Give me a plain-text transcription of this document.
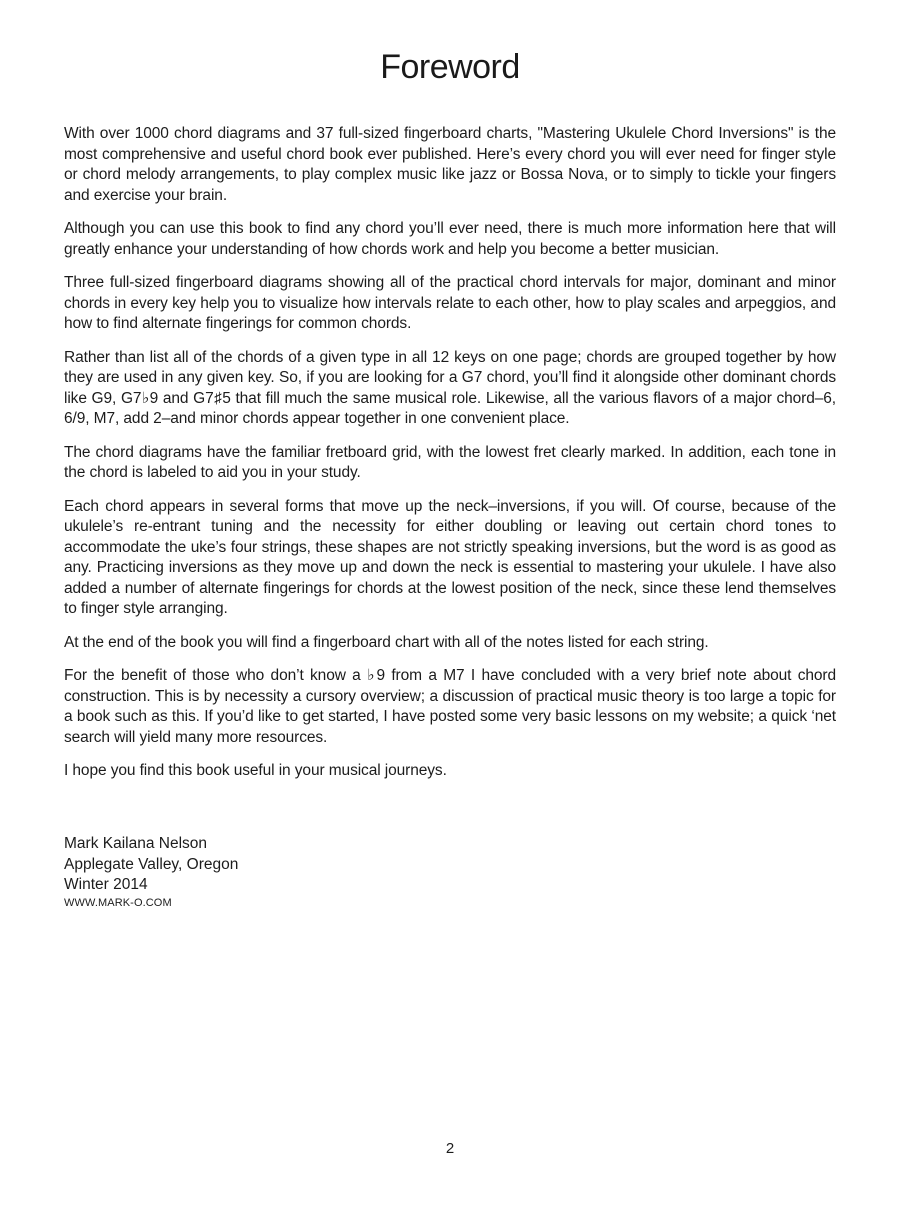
Foreword

With over 1000 chord diagrams and 37 full-sized fingerboard charts, "Mastering Ukulele Chord Inversions" is the most comprehensive and useful chord book ever published. Here’s every chord you will ever need for finger style or chord melody arrangements, to play complex music like jazz or Bossa Nova, or to simply to tickle your fingers and exercise your brain.

Although you can use this book to find any chord you’ll ever need, there is much more information here that will greatly enhance your understanding of how chords work and help you become a better musician.

Three full-sized fingerboard diagrams showing all of the practical chord intervals for major, dominant and minor chords in every key help you to visualize how intervals relate to each other, how to play scales and arpeggios, and how to find alternate fingerings for common chords.

Rather than list all of the chords of a given type in all 12 keys on one page; chords are grouped together by how they are used in any given key. So, if you are looking for a G7 chord, you’ll find it alongside other dominant chords like G9, G7♭9 and G7♯5 that fill much the same musical role. Likewise, all the various flavors of a major chord–6, 6/9, M7, add 2–and minor chords appear together in one convenient place.

The chord diagrams have the familiar fretboard grid, with the lowest fret clearly marked. In addition, each tone in the chord is labeled to aid you in your study.

Each chord appears in several forms that move up the neck–inversions, if you will. Of course, because of the ukulele’s re-entrant tuning and the necessity for either doubling or leaving out certain chord tones to accommodate the uke’s four strings, these shapes are not strictly speaking inversions, but the word is as good as any. Practicing inversions as they move up and down the neck is essential to mastering your ukulele. I have also added a number of alternate fingerings for chords at the lowest position of the neck, since these lend themselves to finger style arranging.

At the end of the book you will find a fingerboard chart with all of the notes listed for each string.

For the benefit of those who don’t know a ♭9 from a M7 I have concluded with a very brief note about chord construction. This is by necessity a cursory overview; a discussion of practical music theory is too large a topic for a book such as this. If you’d like to get started, I have posted some very basic lessons on my website; a quick ‘net search will yield many more resources.

I hope you find this book useful in your musical journeys.

Mark Kailana Nelson
Applegate Valley, Oregon
Winter 2014
WWW.MARK-O.COM
2
